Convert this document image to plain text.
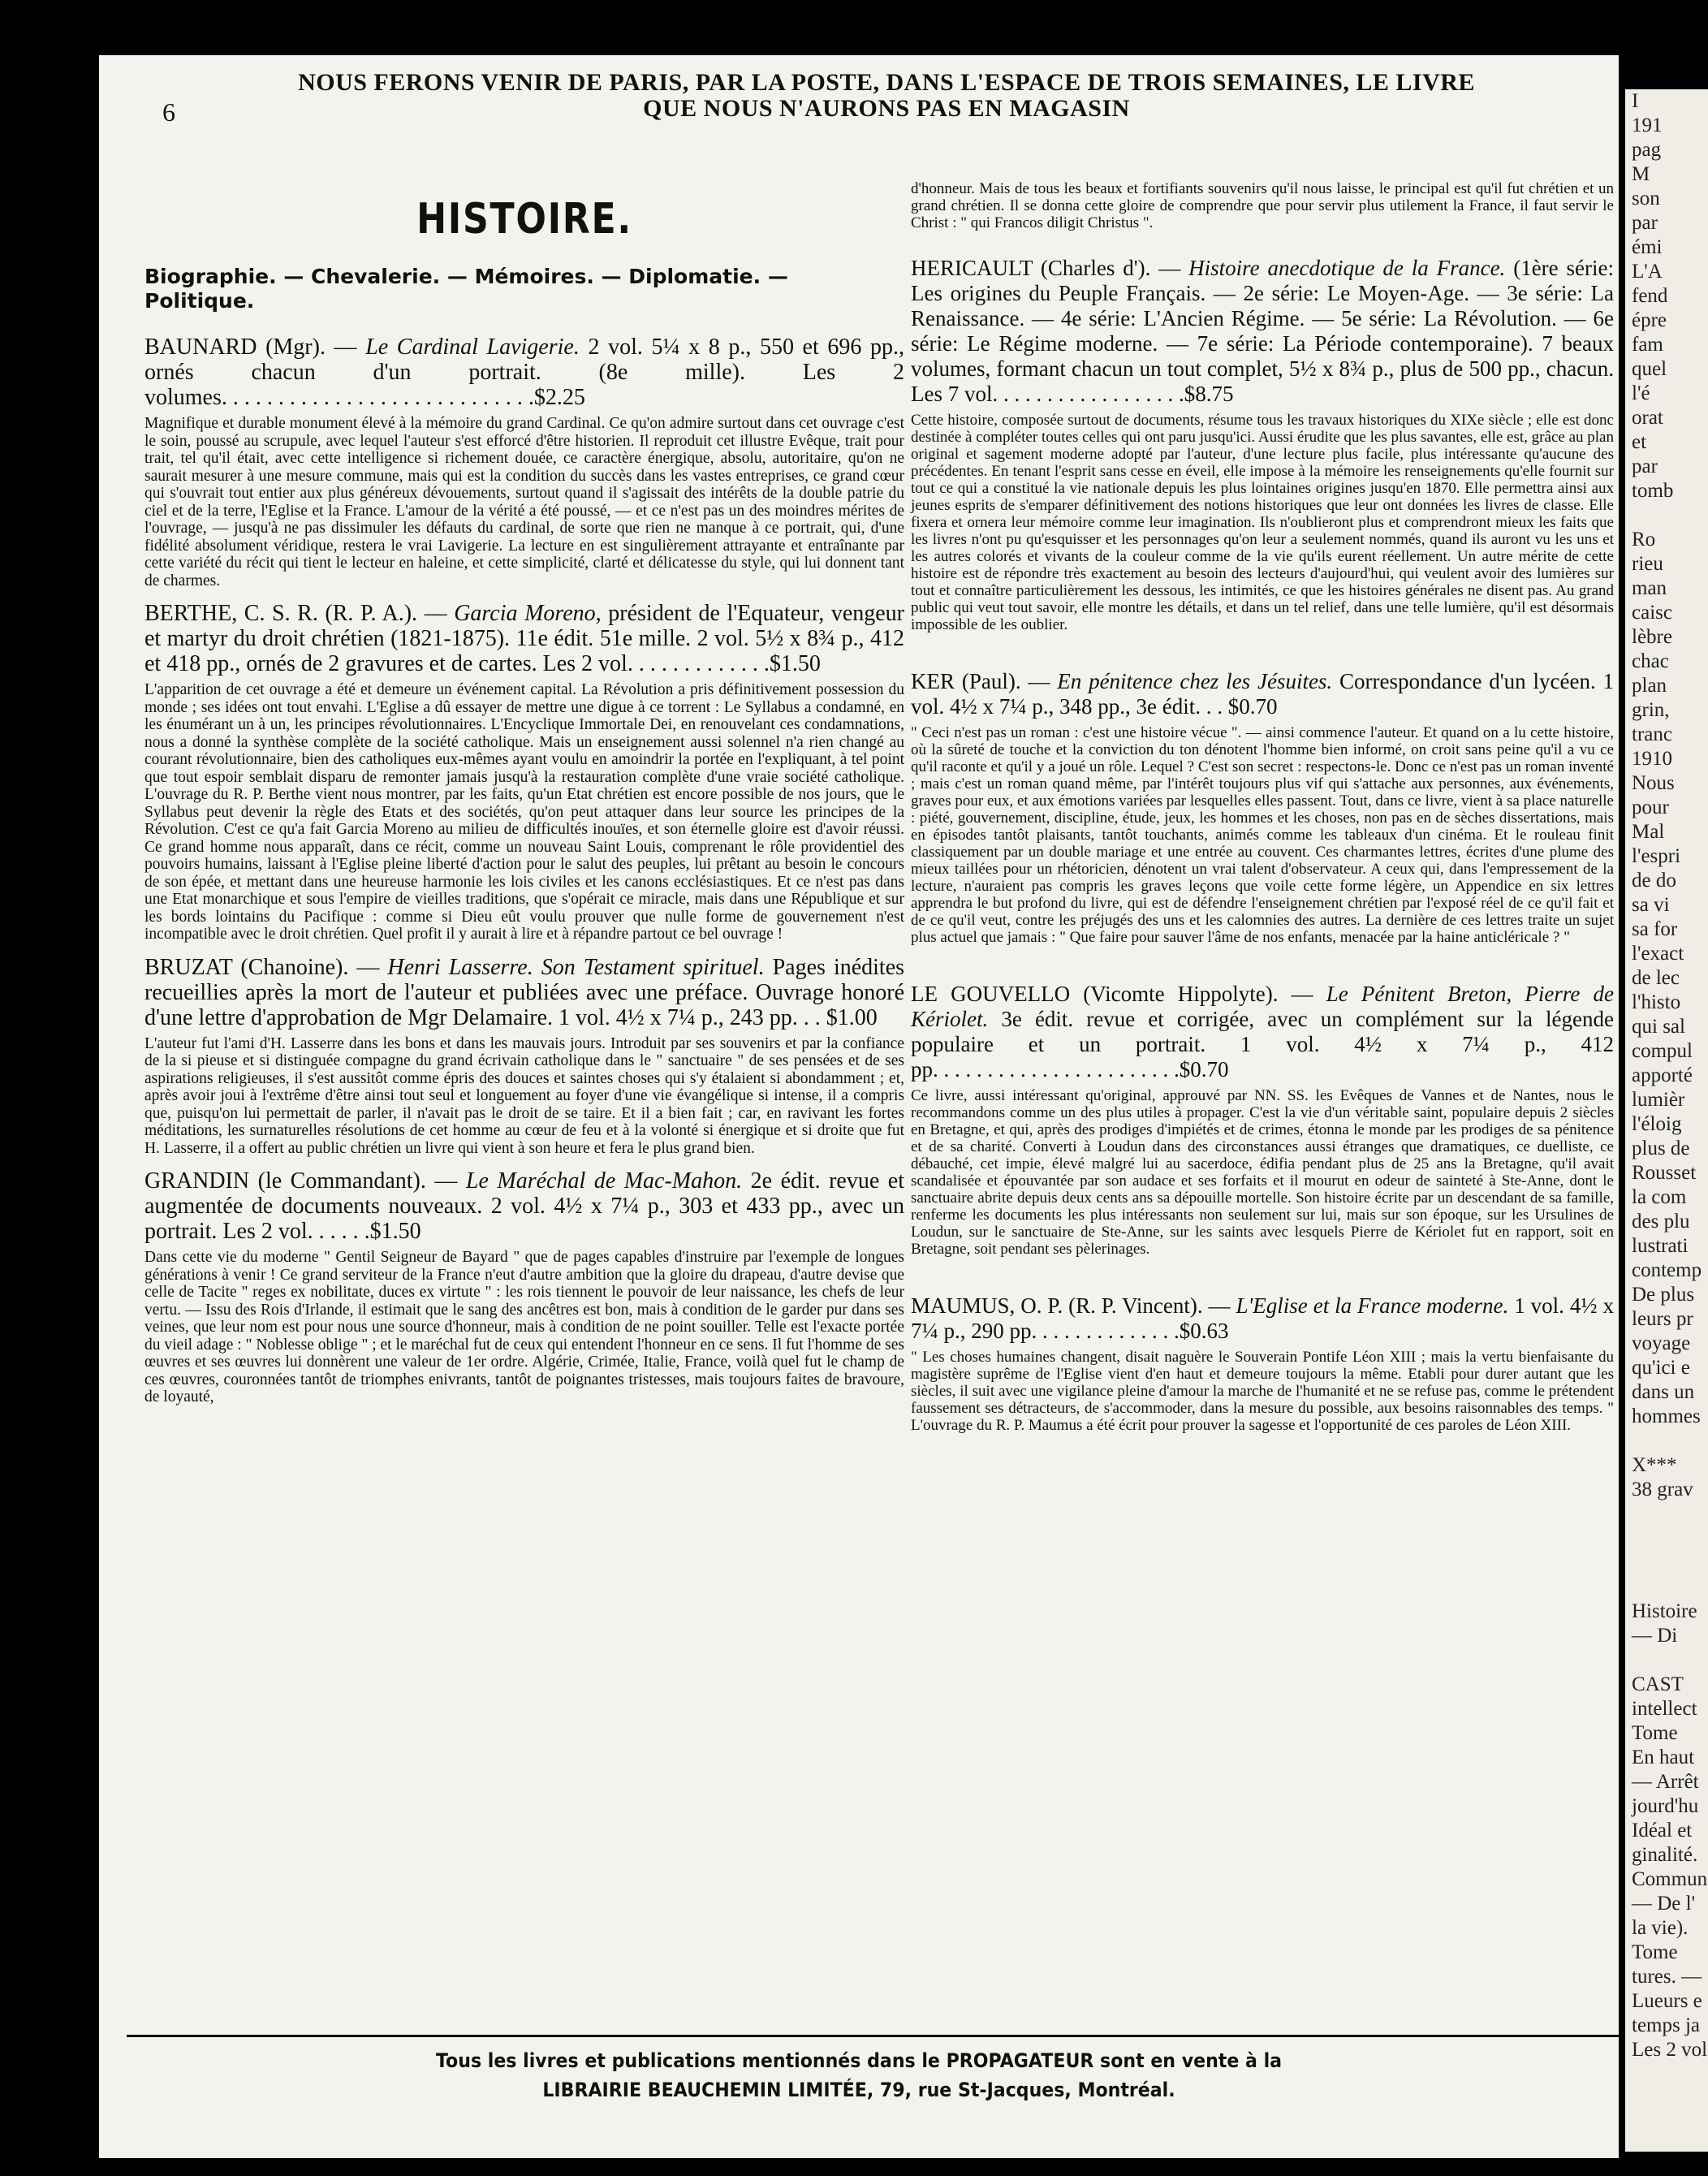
6
NOUS FERONS VENIR DE PARIS, PAR LA POSTE, DANS L'ESPACE DE TROIS SEMAINES, LE LIVRE
QUE NOUS N'AURONS PAS EN MAGASIN
HISTOIRE.
Biographie. — Chevalerie. — Mémoires. — Diplomatie. — Politique.
BAUNARD (Mgr). — Le Cardinal Lavigerie. 2 vol. 5¼ x 8 p., 550 et 696 pp., ornés chacun d'un portrait. (8e mille). Les 2 volumes. . . . . . . . . . . . . . . . . . . . . . . . . . . .$2.25
Magnifique et durable monument élevé à la mémoire du grand Cardinal. Ce qu'on admire surtout dans cet ouvrage c'est le soin, poussé au scrupule, avec lequel l'auteur s'est efforcé d'être historien. Il reproduit cet illustre Evêque, trait pour trait, tel qu'il était, avec cette intelligence si richement douée, ce caractère énergique, absolu, autoritaire, qu'on ne saurait mesurer à une mesure commune, mais qui est la condition du succès dans les vastes entreprises, ce grand cœur qui s'ouvrait tout entier aux plus généreux dévouements, surtout quand il s'agissait des intérêts de la double patrie du ciel et de la terre, l'Eglise et la France. L'amour de la vérité a été poussé, — et ce n'est pas un des moindres mérites de l'ouvrage, — jusqu'à ne pas dissimuler les défauts du cardinal, de sorte que rien ne manque à ce portrait, qui, d'une fidélité absolument véridique, restera le vrai Lavigerie. La lecture en est singulièrement attrayante et entraînante par cette variété du récit qui tient le lecteur en haleine, et cette simplicité, clarté et délicatesse du style, qui lui donnent tant de charmes.
BERTHE, C. S. R. (R. P. A.). — Garcia Moreno, président de l'Equateur, vengeur et martyr du droit chrétien (1821-1875). 11e édit. 51e mille. 2 vol. 5½ x 8¾ p., 412 et 418 pp., ornés de 2 gravures et de cartes. Les 2 vol. . . . . . . . . . . . .$1.50
L'apparition de cet ouvrage a été et demeure un événement capital. La Révolution a pris définitivement possession du monde ; ses idées ont tout envahi. L'Eglise a dû essayer de mettre une digue à ce torrent : Le Syllabus a condamné, en les énumérant un à un, les principes révolutionnaires. L'Encyclique Immortale Dei, en renouvelant ces condamnations, nous a donné la synthèse complète de la société catholique. Mais un enseignement aussi solennel n'a rien changé au courant révolutionnaire, bien des catholiques eux-mêmes ayant voulu en amoindrir la portée en l'expliquant, à tel point que tout espoir semblait disparu de remonter jamais jusqu'à la restauration complète d'une vraie société catholique. L'ouvrage du R. P. Berthe vient nous montrer, par les faits, qu'un Etat chrétien est encore possible de nos jours, que le Syllabus peut devenir la règle des Etats et des sociétés, qu'on peut attaquer dans leur source les principes de la Révolution. C'est ce qu'a fait Garcia Moreno au milieu de difficultés inouïes, et son éternelle gloire est d'avoir réussi. Ce grand homme nous apparaît, dans ce récit, comme un nouveau Saint Louis, comprenant le rôle providentiel des pouvoirs humains, laissant à l'Eglise pleine liberté d'action pour le salut des peuples, lui prêtant au besoin le concours de son épée, et mettant dans une heureuse harmonie les lois civiles et les canons ecclésiastiques. Et ce n'est pas dans une Etat monarchique et sous l'empire de vieilles traditions, que s'opérait ce miracle, mais dans une République et sur les bords lointains du Pacifique : comme si Dieu eût voulu prouver que nulle forme de gouvernement n'est incompatible avec le droit chrétien. Quel profit il y aurait à lire et à répandre partout ce bel ouvrage !
BRUZAT (Chanoine). — Henri Lasserre. Son Testament spirituel. Pages inédites recueillies après la mort de l'auteur et publiées avec une préface. Ouvrage honoré d'une lettre d'approbation de Mgr Delamaire. 1 vol. 4½ x 7¼ p., 243 pp. . . $1.00
L'auteur fut l'ami d'H. Lasserre dans les bons et dans les mauvais jours. Introduit par ses souvenirs et par la confiance de la si pieuse et si distinguée compagne du grand écrivain catholique dans le " sanctuaire " de ses pensées et de ses aspirations religieuses, il s'est aussitôt comme épris des douces et saintes choses qui s'y étalaient si abondamment ; et, après avoir joui à l'extrême d'être ainsi tout seul et longuement au foyer d'une vie évangélique si intense, il a compris que, puisqu'on lui permettait de parler, il n'avait pas le droit de se taire. Et il a bien fait ; car, en ravivant les fortes méditations, les surnaturelles résolutions de cet homme au cœur de feu et à la volonté si énergique et si droite que fut H. Lasserre, il a offert au public chrétien un livre qui vient à son heure et fera le plus grand bien.
GRANDIN (le Commandant). — Le Maréchal de Mac-Mahon. 2e édit. revue et augmentée de documents nouveaux. 2 vol. 4½ x 7¼ p., 303 et 433 pp., avec un portrait. Les 2 vol. . . . . .$1.50
Dans cette vie du moderne " Gentil Seigneur de Bayard " que de pages capables d'instruire par l'exemple de longues générations à venir ! Ce grand serviteur de la France n'eut d'autre ambition que la gloire du drapeau, d'autre devise que celle de Tacite " reges ex nobilitate, duces ex virtute " : les rois tiennent le pouvoir de leur naissance, les chefs de leur vertu. — Issu des Rois d'Irlande, il estimait que le sang des ancêtres est bon, mais à condition de le garder pur dans ses veines, que leur nom est pour nous une source d'honneur, mais à condition de ne point souiller. Telle est l'exacte portée du vieil adage : " Noblesse oblige " ; et le maréchal fut de ceux qui entendent l'honneur en ce sens. Il fut l'homme de ses œuvres et ses œuvres lui donnèrent une valeur de 1er ordre. Algérie, Crimée, Italie, France, voilà quel fut le champ de ces œuvres, couronnées tantôt de triomphes enivrants, tantôt de poignantes tristesses, mais toujours faites de bravoure, de loyauté,
d'honneur. Mais de tous les beaux et fortifiants souvenirs qu'il nous laisse, le principal est qu'il fut chrétien et un grand chrétien. Il se donna cette gloire de comprendre que pour servir plus utilement la France, il faut servir le Christ : " qui Francos diligit Christus ".
HERICAULT (Charles d'). — Histoire anecdotique de la France. (1ère série: Les origines du Peuple Français. — 2e série: Le Moyen-Age. — 3e série: La Renaissance. — 4e série: L'Ancien Régime. — 5e série: La Révolution. — 6e série: Le Régime moderne. — 7e série: La Période contemporaine). 7 beaux volumes, formant chacun un tout complet, 5½ x 8¾ p., plus de 500 pp., chacun. Les 7 vol. . . . . . . . . . . . . . . . . .$8.75
Cette histoire, composée surtout de documents, résume tous les travaux historiques du XIXe siècle ; elle est donc destinée à compléter toutes celles qui ont paru jusqu'ici. Aussi érudite que les plus savantes, elle est, grâce au plan original et sagement moderne adopté par l'auteur, d'une lecture plus facile, plus intéressante qu'aucune des précédentes. En tenant l'esprit sans cesse en éveil, elle impose à la mémoire les renseignements qu'elle fournit sur tout ce qui a constitué la vie nationale depuis les plus lointaines origines jusqu'en 1870. Elle permettra ainsi aux jeunes esprits de s'emparer définitivement des notions historiques que leur ont données les livres de classe. Elle fixera et ornera leur mémoire comme leur imagination. Ils n'oublieront plus et comprendront mieux les faits que les livres n'ont pu qu'esquisser et les personnages qu'on leur a seulement nommés, quand ils auront vu les uns et les autres colorés et vivants de la couleur comme de la vie qu'ils eurent réellement. Un autre mérite de cette histoire est de répondre très exactement au besoin des lecteurs d'aujourd'hui, qui veulent avoir des lumières sur tout et connaître particulièrement les dessous, les intimités, ce que les histoires générales ne disent pas. Au grand public qui veut tout savoir, elle montre les détails, et dans un tel relief, dans une telle lumière, qu'il est désormais impossible de les oublier.
KER (Paul). — En pénitence chez les Jésuites. Correspondance d'un lycéen. 1 vol. 4½ x 7¼ p., 348 pp., 3e édit. . . $0.70
" Ceci n'est pas un roman : c'est une histoire vécue ". — ainsi commence l'auteur. Et quand on a lu cette histoire, où la sûreté de touche et la conviction du ton dénotent l'homme bien informé, on croit sans peine qu'il a vu ce qu'il raconte et qu'il y a joué un rôle. Lequel ? C'est son secret : respectons-le. Donc ce n'est pas un roman inventé ; mais c'est un roman quand même, par l'intérêt toujours plus vif qui s'attache aux personnes, aux événements, graves pour eux, et aux émotions variées par lesquelles elles passent. Tout, dans ce livre, vient à sa place naturelle : piété, gouvernement, discipline, étude, jeux, les hommes et les choses, non pas en de sèches dissertations, mais en épisodes tantôt plaisants, tantôt touchants, animés comme les tableaux d'un cinéma. Et le rouleau finit classiquement par un double mariage et une entrée au couvent. Ces charmantes lettres, écrites d'une plume des mieux taillées pour un rhétoricien, dénotent un vrai talent d'observateur. A ceux qui, dans l'empressement de la lecture, n'auraient pas compris les graves leçons que voile cette forme légère, un Appendice en six lettres apprendra le but profond du livre, qui est de défendre l'enseignement chrétien par l'exposé réel de ce qu'il fait et de ce qu'il veut, contre les préjugés des uns et les calomnies des autres. La dernière de ces lettres traite un sujet plus actuel que jamais : " Que faire pour sauver l'âme de nos enfants, menacée par la haine anticléricale ? "
LE GOUVELLO (Vicomte Hippolyte). — Le Pénitent Breton, Pierre de Kériolet. 3e édit. revue et corrigée, avec un complément sur la légende populaire et un portrait. 1 vol. 4½ x 7¼ p., 412 pp. . . . . . . . . . . . . . . . . . . . . . .$0.70
Ce livre, aussi intéressant qu'original, approuvé par NN. SS. les Evêques de Vannes et de Nantes, nous le recommandons comme un des plus utiles à propager. C'est la vie d'un véritable saint, populaire depuis 2 siècles en Bretagne, et qui, après des prodiges d'impiétés et de crimes, étonna le monde par les prodiges de sa pénitence et de sa charité. Converti à Loudun dans des circonstances aussi étranges que dramatiques, ce duelliste, ce débauché, cet impie, élevé malgré lui au sacerdoce, édifia pendant plus de 25 ans la Bretagne, qu'il avait scandalisée et épouvantée par son audace et ses forfaits et il mourut en odeur de sainteté à Ste-Anne, dont le sanctuaire abrite depuis deux cents ans sa dépouille mortelle. Son histoire écrite par un descendant de sa famille, renferme les documents les plus intéressants non seulement sur lui, mais sur son époque, sur les Ursulines de Loudun, sur le sanctuaire de Ste-Anne, sur les saints avec lesquels Pierre de Kériolet fut en rapport, soit en Bretagne, soit pendant ses pèlerinages.
MAUMUS, O. P. (R. P. Vincent). — L'Eglise et la France moderne. 1 vol. 4½ x 7¼ p., 290 pp. . . . . . . . . . . . . .$0.63
" Les choses humaines changent, disait naguère le Souverain Pontife Léon XIII ; mais la vertu bienfaisante du magistère suprême de l'Eglise vient d'en haut et demeure toujours la même. Etabli pour durer autant que les siècles, il suit avec une vigilance pleine d'amour la marche de l'humanité et ne se refuse pas, comme le prétendent faussement ses détracteurs, de s'accommoder, dans la mesure du possible, aux besoins raisonnables des temps. " L'ouvrage du R. P. Maumus a été écrit pour prouver la sagesse et l'opportunité de ces paroles de Léon XIII.
Tous les livres et publications mentionnés dans le PROPAGATEUR sont en vente à la
LIBRAIRIE BEAUCHEMIN LIMITÉE, 79, rue St-Jacques, Montréal.
I
191
pag
M
son
par
émi
L'A
fend
épre
fam
quel
l'é
orat
et
par
tomb

Ro
rieu
man
caisc
lèbre
chac
plan
grin,
tranc
1910
Nous
pour
Mal
l'espri
de do
sa vi
sa for
l'exact
de lec
l'histo
qui sal
compul
apporté
lumièr
l'éloig
plus de
Rousset
la com
des plu
lustrati
contemp
De plus
leurs pr
voyage
qu'ici e
dans un
hommes

X***
38 grav

Histoire
— Di

CAST
intellect
Tome
En haut
— Arrêt
jourd'hu
Idéal et
ginalité.
Commun
— De l'
la vie).
Tome
tures. —
Lueurs e
temps ja
Les 2 vol
